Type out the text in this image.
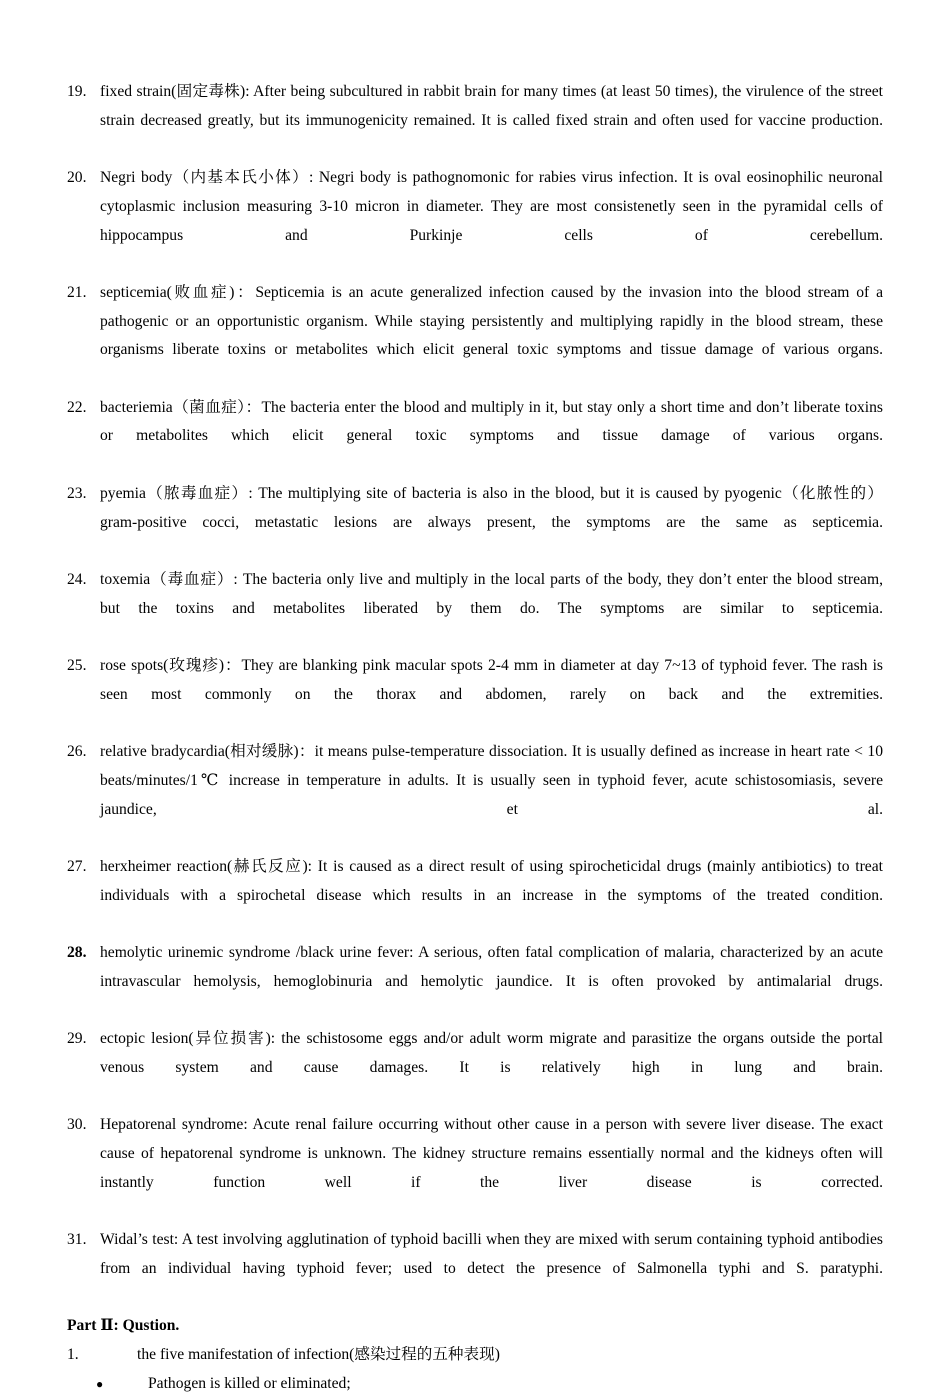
19. fixed strain(固定毒株): After being subcultured in rabbit brain for many times (at least 50 times), the virulence of the street strain decreased greatly, but its immunogenicity remained. It is called fixed strain and often used for vaccine production.
20. Negri body（内基本氏小体）: Negri body is pathognomonic for rabies virus infection. It is oval eosinophilic neuronal cytoplasmic inclusion measuring 3-10 micron in diameter. They are most consistenetly seen in the pyramidal cells of hippocampus and Purkinje cells of cerebellum.
21. septicemia(败血症)：Septicemia is an acute generalized infection caused by the invasion into the blood stream of a pathogenic or an opportunistic organism. While staying persistently and multiplying rapidly in the blood stream, these organisms liberate toxins or metabolites which elicit general toxic symptoms and tissue damage of various organs.
22. bacteriemia（菌血症）：The bacteria enter the blood and multiply in it, but stay only a short time and don’t liberate toxins or metabolites which elicit general toxic symptoms and tissue damage of various organs.
23. pyemia（脓毒血症）: The multiplying site of bacteria is also in the blood, but it is caused by pyogenic（化脓性的）gram-positive cocci, metastatic lesions are always present, the symptoms are the same as septicemia.
24. toxemia（毒血症）: The bacteria only live and multiply in the local parts of the body, they don’t enter the blood stream, but the toxins and metabolites liberated by them do. The symptoms are similar to septicemia.
25. rose spots(玫瑰疹)：They are blanking pink macular spots 2-4 mm in diameter at day 7~13 of typhoid fever. The rash is seen most commonly on the thorax and abdomen, rarely on back and the extremities.
26. relative bradycardia(相对缓脉)：it means pulse-temperature dissociation. It is usually defined as increase in heart rate < 10 beats/minutes/1℃ increase in temperature in adults. It is usually seen in typhoid fever, acute schistosomiasis, severe jaundice, et al.
27. herxheimer reaction(赫氏反应): It is caused as a direct result of using spirocheticidal drugs (mainly antibiotics) to treat individuals with a spirochetal disease which results in an increase in the symptoms of the treated condition.
28. hemolytic urinemic syndrome /black urine fever: A serious, often fatal complication of malaria, characterized by an acute intravascular hemolysis, hemoglobinuria and hemolytic jaundice. It is often provoked by antimalarial drugs.
29. ectopic lesion(异位损害): the schistosome eggs and/or adult worm migrate and parasitize the organs outside the portal venous system and cause damages. It is relatively high in lung and brain.
30. Hepatorenal syndrome: Acute renal failure occurring without other cause in a person with severe liver disease. The exact cause of hepatorenal syndrome is unknown. The kidney structure remains essentially normal and the kidneys often will instantly function well if the liver disease is corrected.
31. Widal’s test: A test involving agglutination of typhoid bacilli when they are mixed with serum containing typhoid antibodies from an individual having typhoid fever; used to detect the presence of Salmonella typhi and S. paratyphi.

Part Ⅱ: Qustion.

1.	the five manifestation of infection(感染过程的五种表现)
●	Pathogen is killed or eliminated;
